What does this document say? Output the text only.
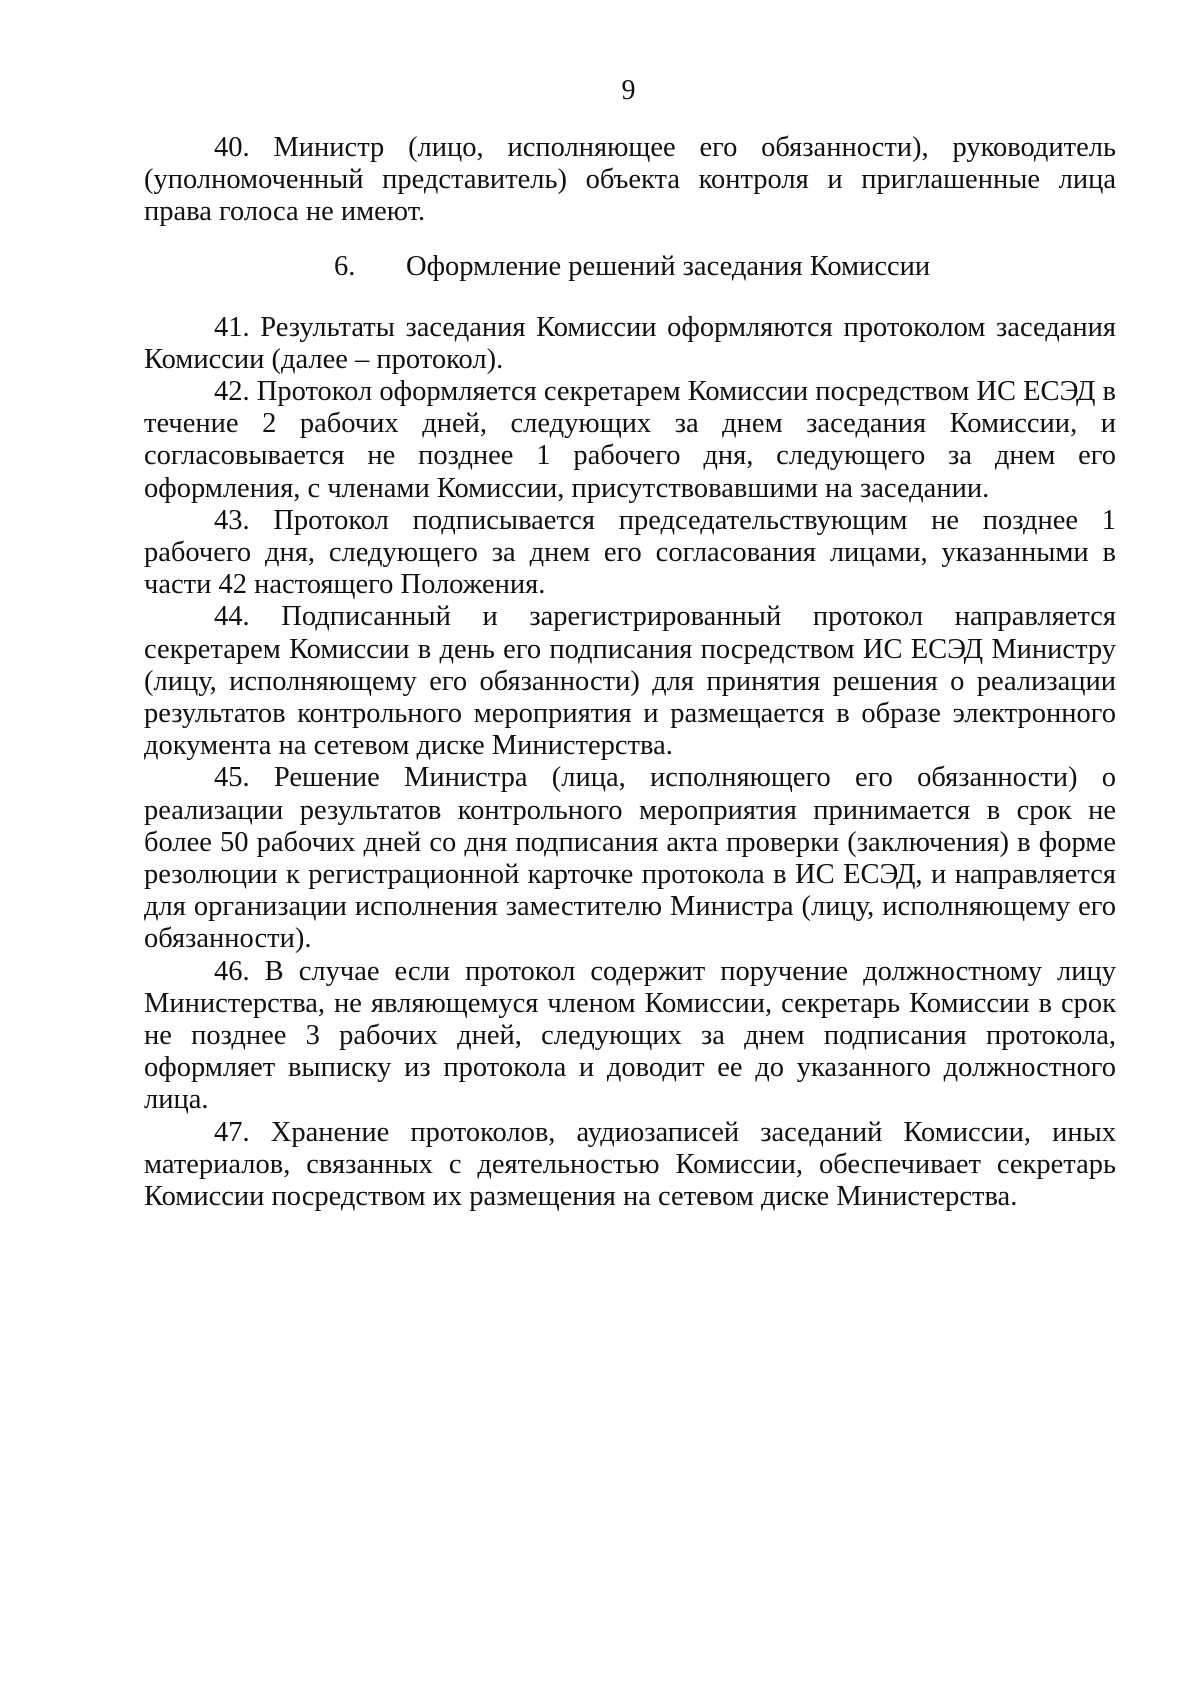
9

40. Министр (лицо, исполняющее его обязанности), руководитель (уполномоченный представитель) объекта контроля и приглашенные лица права голоса не имеют.

6. Оформление решений заседания Комиссии

41. Результаты заседания Комиссии оформляются протоколом заседания Комиссии (далее – протокол).

42. Протокол оформляется секретарем Комиссии посредством ИС ЕСЭД в течение 2 рабочих дней, следующих за днем заседания Комиссии, и согласовывается не позднее 1 рабочего дня, следующего за днем его оформления, с членами Комиссии, присутствовавшими на заседании.

43. Протокол подписывается председательствующим не позднее 1 рабочего дня, следующего за днем его согласования лицами, указанными в части 42 настоящего Положения.

44. Подписанный и зарегистрированный протокол направляется секретарем Комиссии в день его подписания посредством ИС ЕСЭД Министру (лицу, исполняющему его обязанности) для принятия решения о реализации результатов контрольного мероприятия и размещается в образе электронного документа на сетевом диске Министерства.

45. Решение Министра (лица, исполняющего его обязанности) о реализации результатов контрольного мероприятия принимается в срок не более 50 рабочих дней со дня подписания акта проверки (заключения) в форме резолюции к регистрационной карточке протокола в ИС ЕСЭД, и направляется для организации исполнения заместителю Министра (лицу, исполняющему его обязанности).

46. В случае если протокол содержит поручение должностному лицу Министерства, не являющемуся членом Комиссии, секретарь Комиссии в срок не позднее 3 рабочих дней, следующих за днем подписания протокола, оформляет выписку из протокола и доводит ее до указанного должностного лица.

47. Хранение протоколов, аудиозаписей заседаний Комиссии, иных материалов, связанных с деятельностью Комиссии, обеспечивает секретарь Комиссии посредством их размещения на сетевом диске Министерства.
